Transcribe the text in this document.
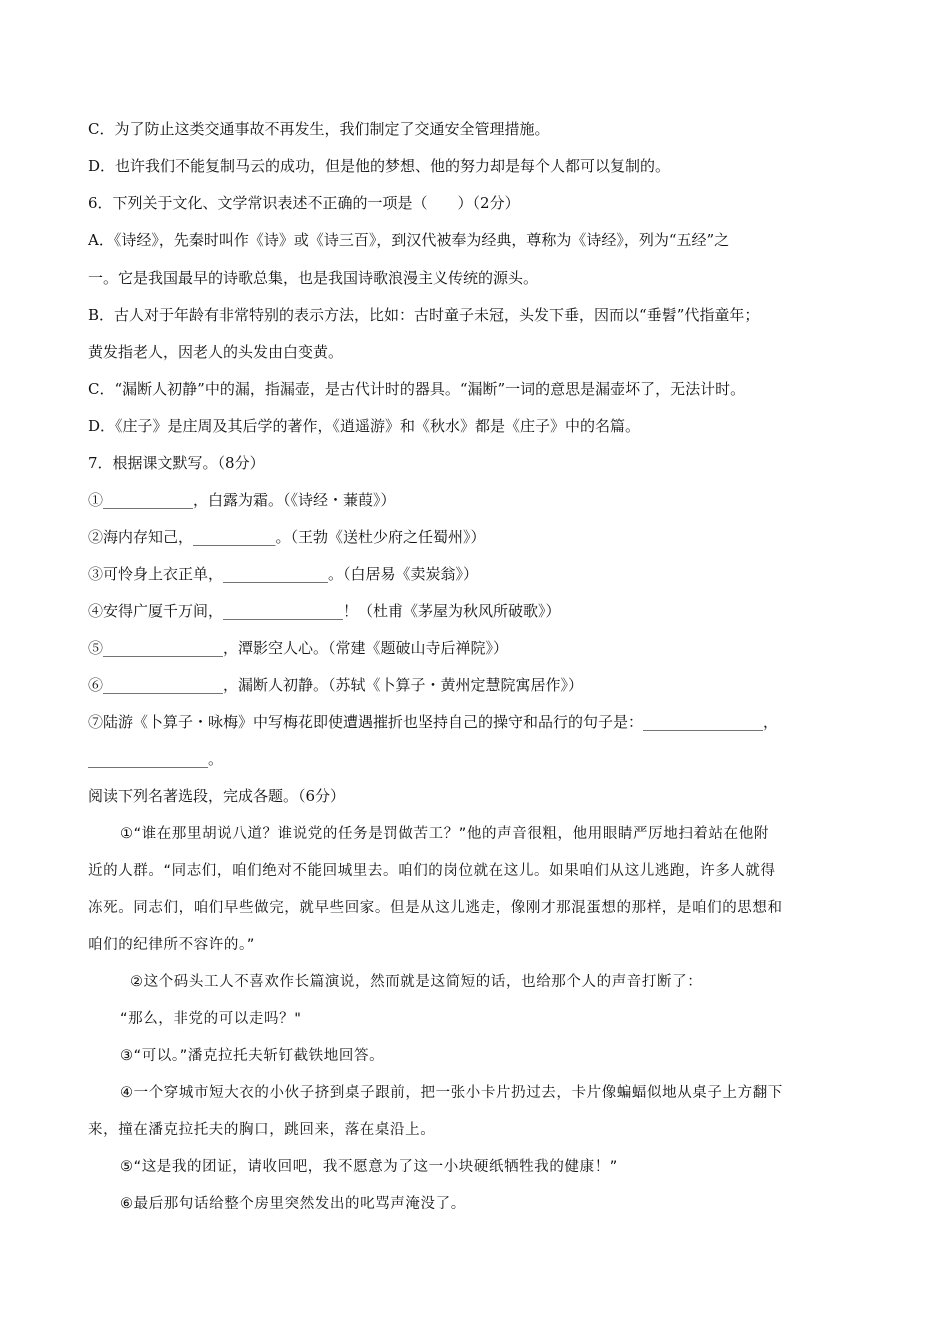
C．为了防止这类交通事故不再发生，我们制定了交通安全管理措施。
D．也许我们不能复制马云的成功，但是他的梦想、他的努力却是每个人都可以复制的。
6．下列关于文化、文学常识表述不正确的一项是（　　）（2分）
A．《诗经》，先秦时叫作《诗》或《诗三百》，到汉代被奉为经典，尊称为《诗经》，列为“五经”之
一。它是我国最早的诗歌总集，也是我国诗歌浪漫主义传统的源头。
B．古人对于年龄有非常特别的表示方法，比如：古时童子未冠，头发下垂，因而以“垂髫”代指童年；
黄发指老人，因老人的头发由白变黄。
C．“漏断人初静”中的漏，指漏壶，是古代计时的器具。“漏断”一词的意思是漏壶坏了，无法计时。
D．《庄子》是庄周及其后学的著作，《逍遥游》和《秋水》都是《庄子》中的名篇。
7．根据课文默写。（8分）
①____________，白露为霜。（《诗经・蒹葭》）
②海内存知己，___________。（王勃《送杜少府之任蜀州》）
③可怜身上衣正单，______________。（白居易《卖炭翁》）
④安得广厦千万间，________________！（杜甫《茅屋为秋风所破歌》）
⑤________________，潭影空人心。（常建《题破山寺后禅院》）
⑥________________，漏断人初静。（苏轼《卜算子・黄州定慧院寓居作》）
⑦陆游《卜算子・咏梅》中写梅花即使遭遇摧折也坚持自己的操守和品行的句子是：________________，
________________。
阅读下列名著选段，完成各题。（6分）
①“谁在那里胡说八道？谁说党的任务是罚做苦工？”他的声音很粗，他用眼睛严厉地扫着站在他附
近的人群。“同志们，咱们绝对不能回城里去。咱们的岗位就在这儿。如果咱们从这儿逃跑，许多人就得
冻死。同志们，咱们早些做完，就早些回家。但是从这儿逃走，像刚才那混蛋想的那样，是咱们的思想和
咱们的纪律所不容许的。”
②这个码头工人不喜欢作长篇演说，然而就是这简短的话，也给那个人的声音打断了：
“那么，非党的可以走吗？"
③“可以。”潘克拉托夫斩钉截铁地回答。
④一个穿城市短大衣的小伙子挤到桌子跟前，把一张小卡片扔过去，卡片像蝙蝠似地从桌子上方翻下
来，撞在潘克拉托夫的胸口，跳回来，落在桌沿上。
⑤“这是我的团证，请收回吧，我不愿意为了这一小块硬纸牺牲我的健康！”
⑥最后那句话给整个房里突然发出的叱骂声淹没了。
